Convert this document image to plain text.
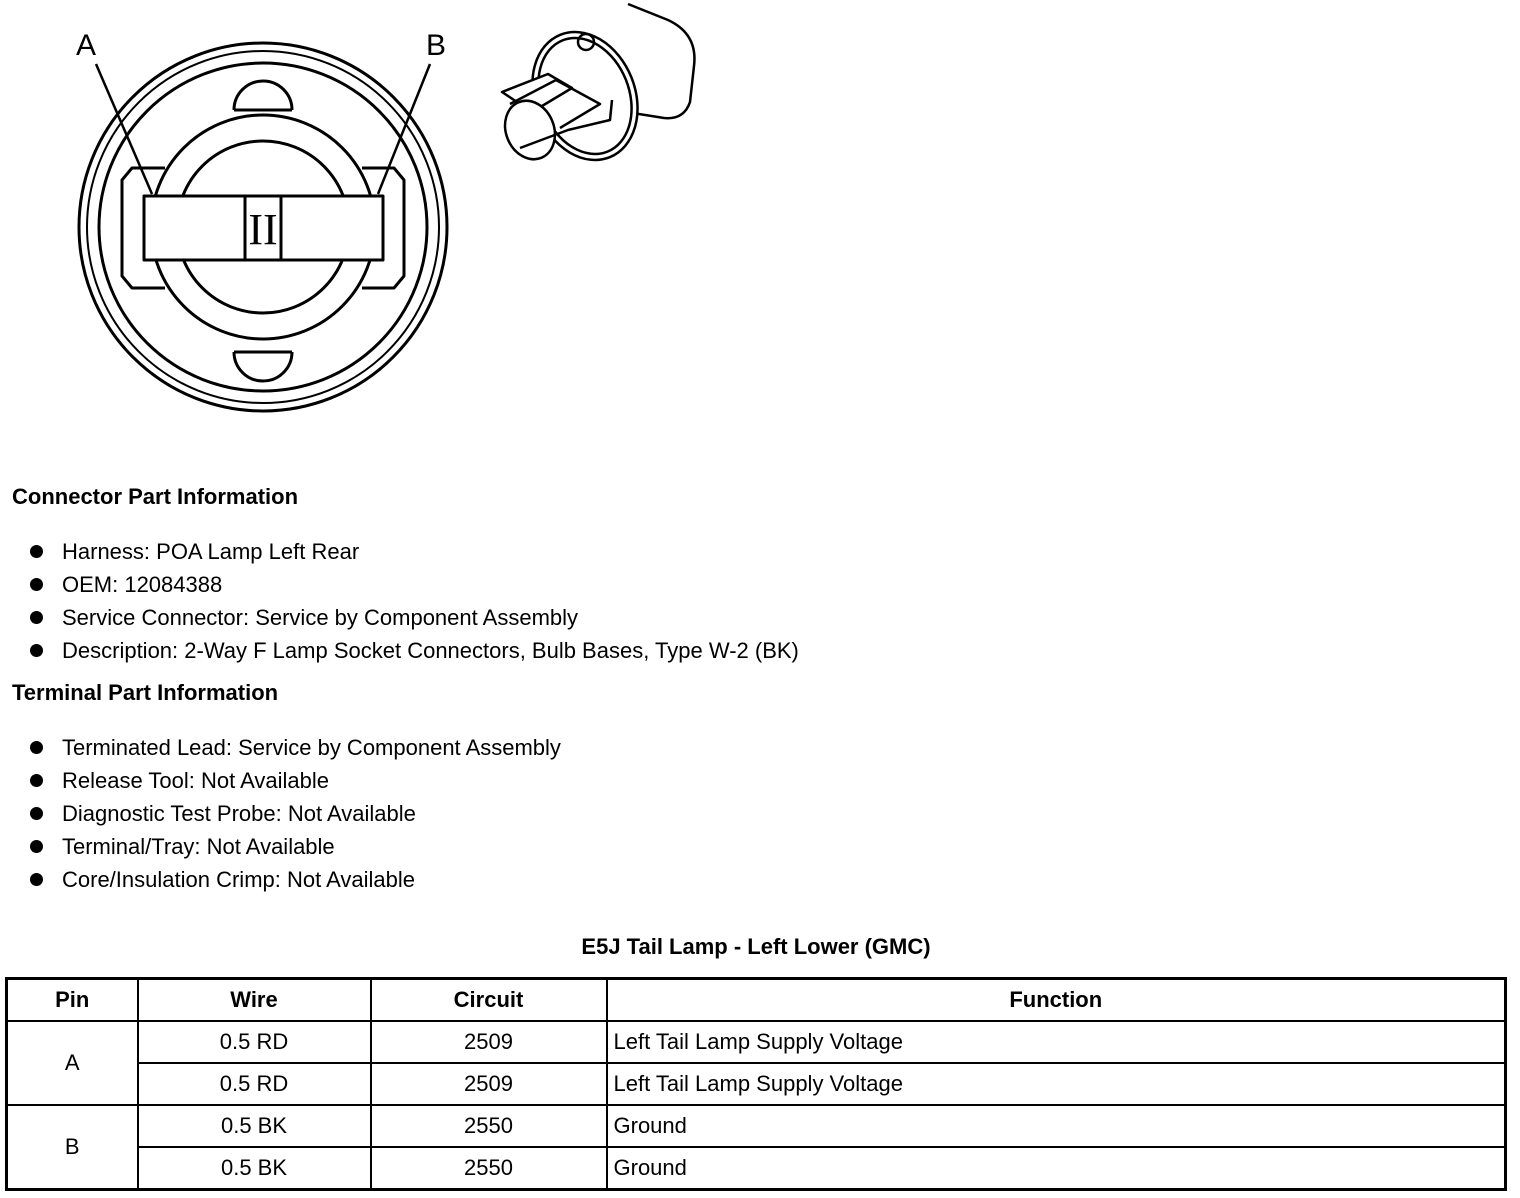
A	B
II
Connector Part Information
Harness: POA Lamp Left Rear
OEM: 12084388
Service Connector: Service by Component Assembly
Description: 2-Way F Lamp Socket Connectors, Bulb Bases, Type W-2 (BK)
Terminal Part Information
Terminated Lead: Service by Component Assembly
Release Tool: Not Available
Diagnostic Test Probe: Not Available
Terminal/Tray: Not Available
Core/Insulation Crimp: Not Available
E5J Tail Lamp - Left Lower (GMC)
Pin	Wire	Circuit	Function
A	0.5 RD	2509	Left Tail Lamp Supply Voltage
	0.5 RD	2509	Left Tail Lamp Supply Voltage
B	0.5 BK	2550	Ground
	0.5 BK	2550	Ground
